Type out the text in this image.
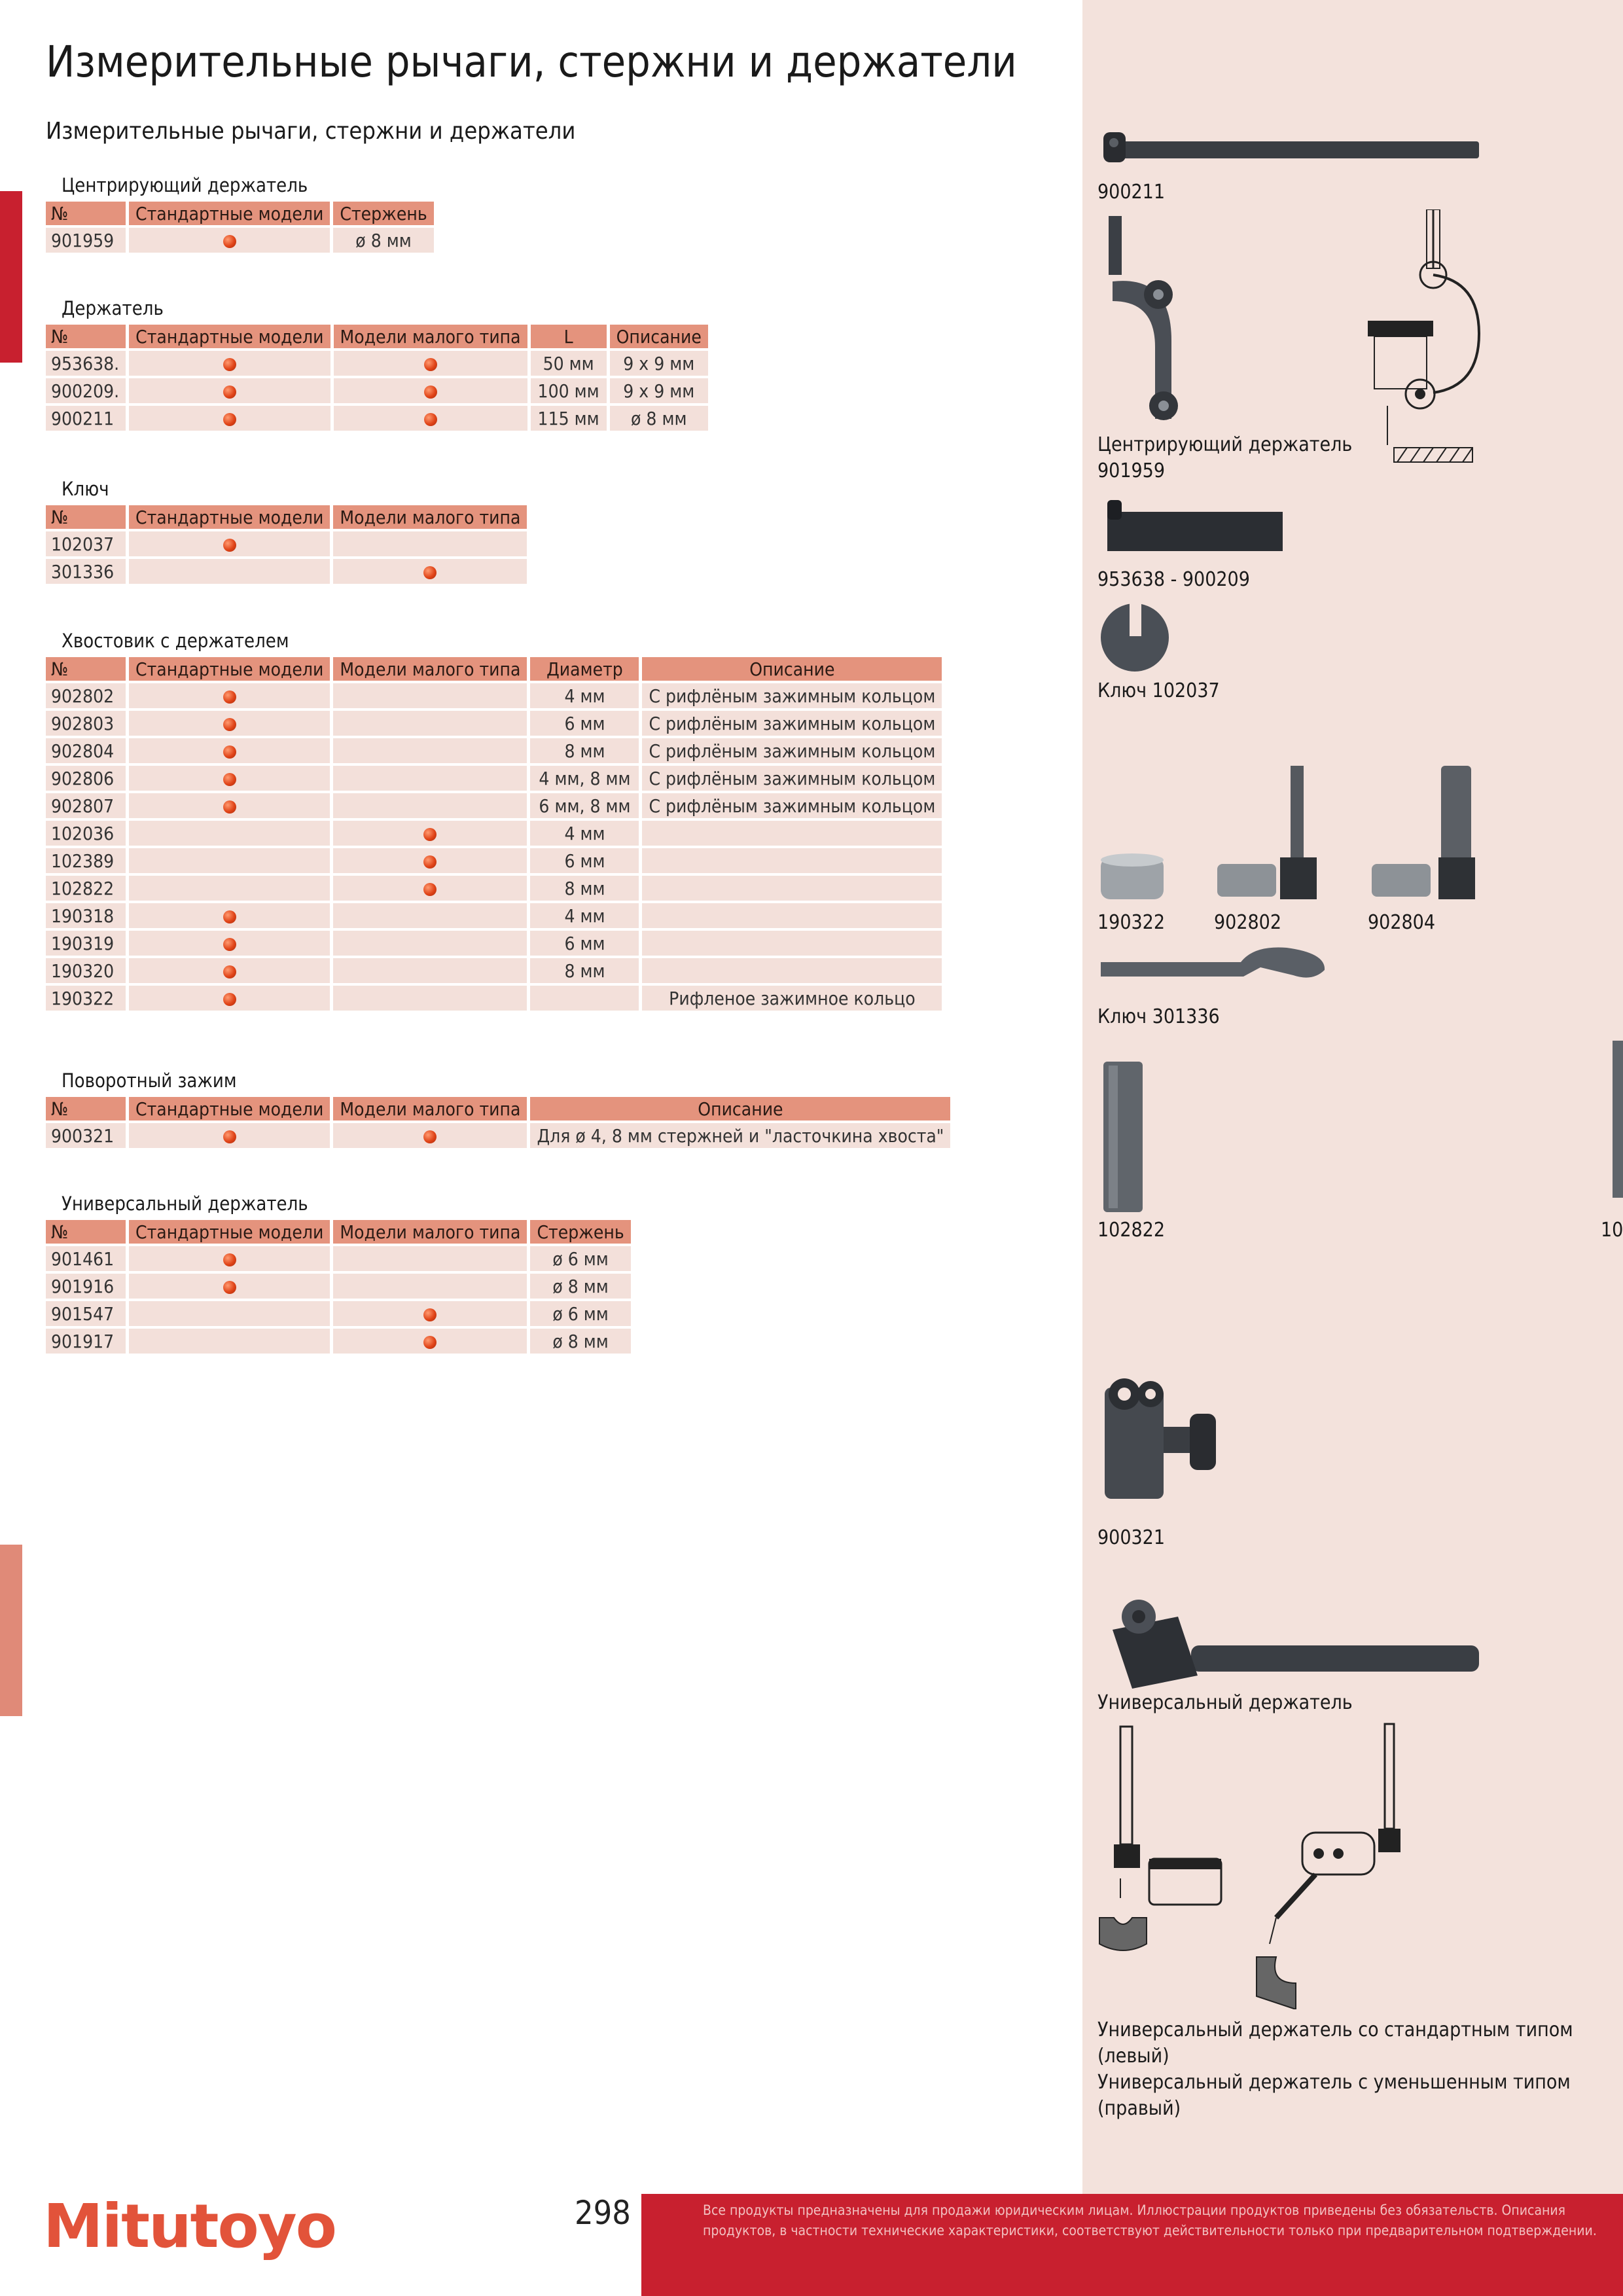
Измерительные рычаги, стержни и держатели
Измерительные рычаги, стержни и держатели
Центрирующий держатель
№	Стандартные модели	Стержень
901959		ø 8 мм
Держатель
№	Стандартные модели	Модели малого типа	L	Описание
953638.			50 мм	9 x 9 мм
900209.			100 мм	9 x 9 мм
900211			115 мм	ø 8 мм
Ключ
№	Стандартные модели	Модели малого типа
102037		
301336		
Хвостовик с держателем
№	Стандартные модели	Модели малого типа	Диаметр	Описание
902802			4 мм	С рифлёным зажимным кольцом
902803			6 мм	С рифлёным зажимным кольцом
902804			8 мм	С рифлёным зажимным кольцом
902806			4 мм, 8 мм	С рифлёным зажимным кольцом
902807			6 мм, 8 мм	С рифлёным зажимным кольцом
102036			4 мм	
102389			6 мм	
102822			8 мм	
190318			4 мм	
190319			6 мм	
190320			8 мм	
190322				Рифленое зажимное кольцо
Поворотный зажим
№	Стандартные модели	Модели малого типа	Описание
900321			Для ø 4, 8 мм стержней и "ласточкина хвоста"
Универсальный держатель
№	Стандартные модели	Модели малого типа	Стержень
901461			ø 6 мм
901916			ø 8 мм
901547			ø 6 мм
901917			ø 8 мм
900211
Центрирующий держатель
901959
953638 - 900209
Ключ 102037
190322 902802	902804
Ключ 301336
102822	10
900321
Универсальный держатель
Универсальный держатель со стандартным типом
(левый)
Универсальный держатель с уменьшенным типом
(правый)
Mitutoyo	298	Все продукты предназначены для продажи юридическим лицам. Иллюстрации продуктов приведены без обязательств. Описания продуктов, в частности технические характеристики, соответствуют действительности только при предварительном подтверждении.
